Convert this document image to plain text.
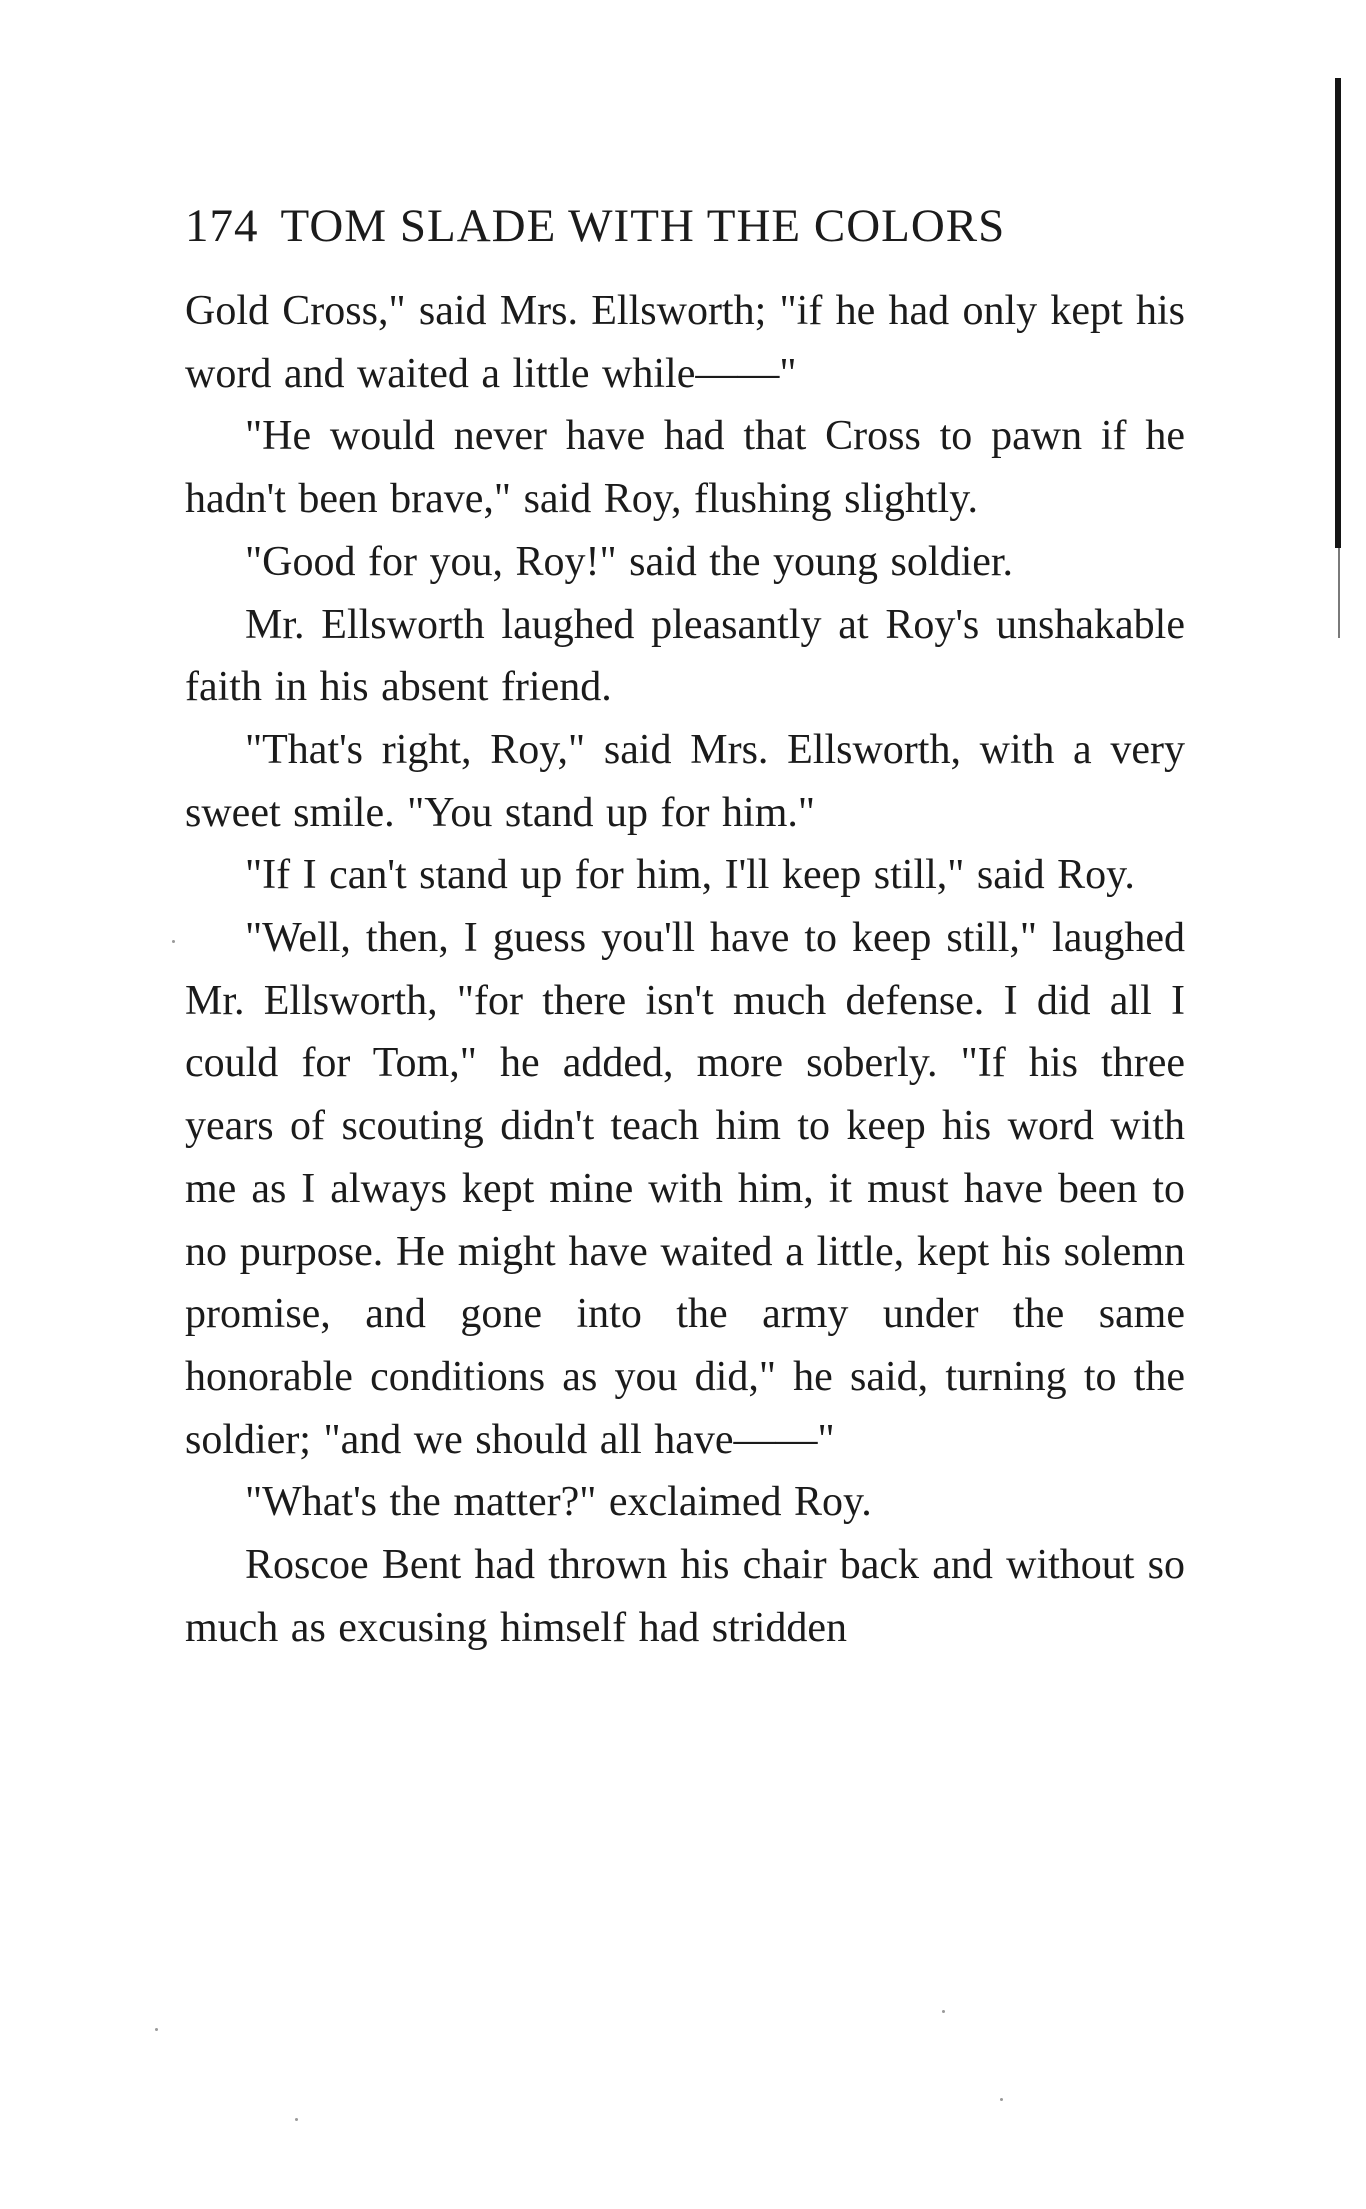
174 TOM SLADE WITH THE COLORS

Gold Cross," said Mrs. Ellsworth; "if he had only kept his word and waited a little while——"

"He would never have had that Cross to pawn if he hadn't been brave," said Roy, flushing slightly.

"Good for you, Roy!" said the young soldier.

Mr. Ellsworth laughed pleasantly at Roy's unshakable faith in his absent friend.

"That's right, Roy," said Mrs. Ellsworth, with a very sweet smile. "You stand up for him."

"If I can't stand up for him, I'll keep still," said Roy.

"Well, then, I guess you'll have to keep still," laughed Mr. Ellsworth, "for there isn't much defense. I did all I could for Tom," he added, more soberly. "If his three years of scouting didn't teach him to keep his word with me as I always kept mine with him, it must have been to no purpose. He might have waited a little, kept his solemn promise, and gone into the army under the same honorable conditions as you did," he said, turning to the soldier; "and we should all have——"

"What's the matter?" exclaimed Roy.

Roscoe Bent had thrown his chair back and without so much as excusing himself had stridden
